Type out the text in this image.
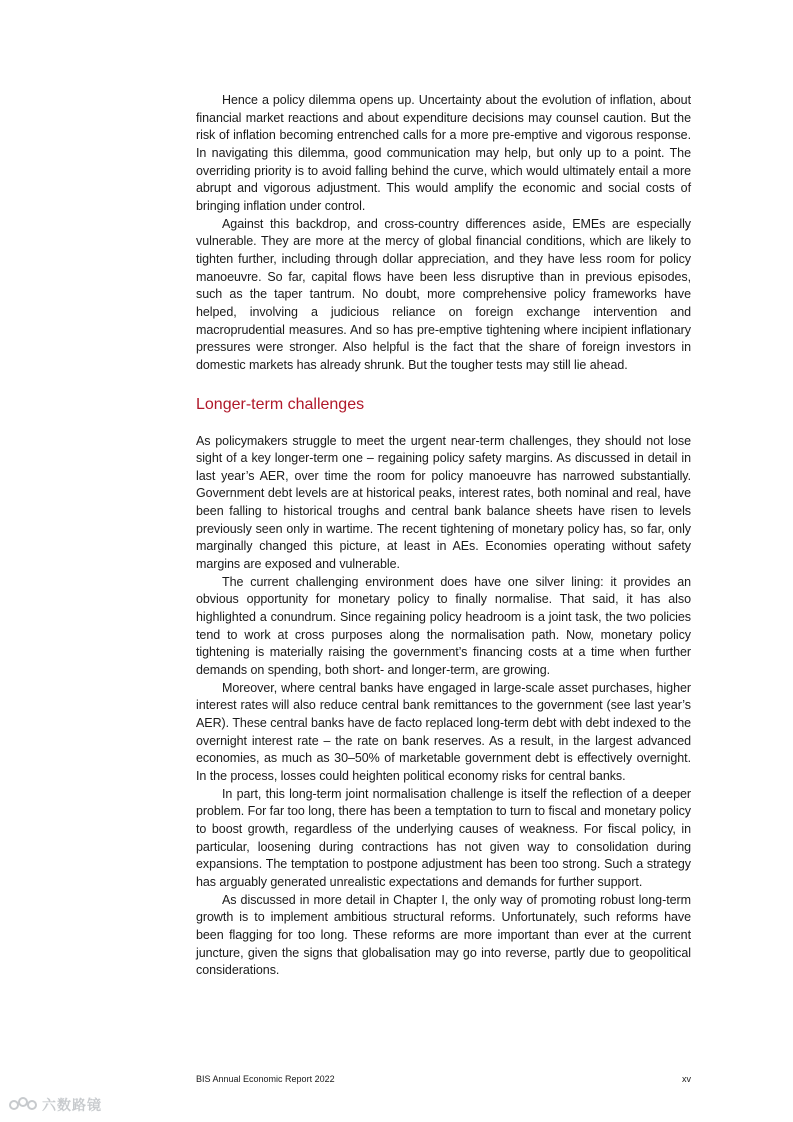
Hence a policy dilemma opens up. Uncertainty about the evolution of inflation, about financial market reactions and about expenditure decisions may counsel caution. But the risk of inflation becoming entrenched calls for a more pre-emptive and vigorous response. In navigating this dilemma, good communication may help, but only up to a point. The overriding priority is to avoid falling behind the curve, which would ultimately entail a more abrupt and vigorous adjustment. This would amplify the economic and social costs of bringing inflation under control.

Against this backdrop, and cross-country differences aside, EMEs are especially vulnerable. They are more at the mercy of global financial conditions, which are likely to tighten further, including through dollar appreciation, and they have less room for policy manoeuvre. So far, capital flows have been less disruptive than in previous episodes, such as the taper tantrum. No doubt, more comprehensive policy frameworks have helped, involving a judicious reliance on foreign exchange intervention and macroprudential measures. And so has pre-emptive tightening where incipient inflationary pressures were stronger. Also helpful is the fact that the share of foreign investors in domestic markets has already shrunk. But the tougher tests may still lie ahead.

Longer-term challenges

As policymakers struggle to meet the urgent near-term challenges, they should not lose sight of a key longer-term one – regaining policy safety margins. As discussed in detail in last year’s AER, over time the room for policy manoeuvre has narrowed substantially. Government debt levels are at historical peaks, interest rates, both nominal and real, have been falling to historical troughs and central bank balance sheets have risen to levels previously seen only in wartime. The recent tightening of monetary policy has, so far, only marginally changed this picture, at least in AEs. Economies operating without safety margins are exposed and vulnerable.

The current challenging environment does have one silver lining: it provides an obvious opportunity for monetary policy to finally normalise. That said, it has also highlighted a conundrum. Since regaining policy headroom is a joint task, the two policies tend to work at cross purposes along the normalisation path. Now, monetary policy tightening is materially raising the government’s financing costs at a time when further demands on spending, both short- and longer-term, are growing.

Moreover, where central banks have engaged in large-scale asset purchases, higher interest rates will also reduce central bank remittances to the government (see last year’s AER). These central banks have de facto replaced long-term debt with debt indexed to the overnight interest rate – the rate on bank reserves. As a result, in the largest advanced economies, as much as 30–50% of marketable government debt is effectively overnight. In the process, losses could heighten political economy risks for central banks.

In part, this long-term joint normalisation challenge is itself the reflection of a deeper problem. For far too long, there has been a temptation to turn to fiscal and monetary policy to boost growth, regardless of the underlying causes of weakness. For fiscal policy, in particular, loosening during contractions has not given way to consolidation during expansions. The temptation to postpone adjustment has been too strong. Such a strategy has arguably generated unrealistic expectations and demands for further support.

As discussed in more detail in Chapter I, the only way of promoting robust long-term growth is to implement ambitious structural reforms. Unfortunately, such reforms have been flagging for too long. These reforms are more important than ever at the current juncture, given the signs that globalisation may go into reverse, partly due to geopolitical considerations.

BIS Annual Economic Report 2022	xv
六数路镜
